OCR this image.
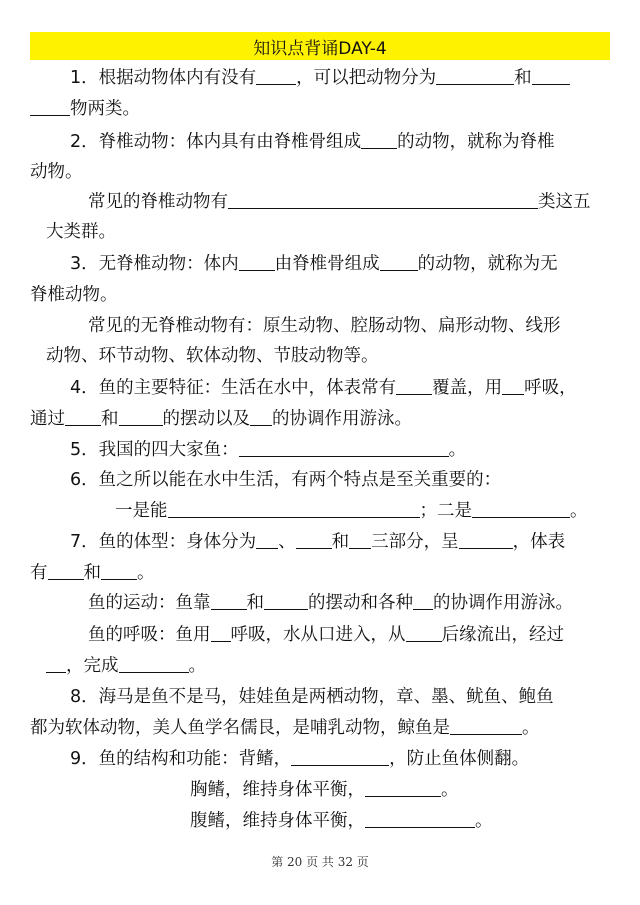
知识点背诵DAY-4
1．根据动物体内有没有 ，可以把动物分为	和
物两类。
2．脊椎动物：体内具有由脊椎骨组成 的动物，就称为脊椎
动物。
常见的脊椎动物有	类这五
大类群。
3．无脊椎动物：体内 由脊椎骨组成 的动物，就称为无
脊椎动物。
常见的无脊椎动物有：原生动物、腔肠动物、扁形动物、线形
动物、环节动物、软体动物、节肢动物等。
4．鱼的主要特征：生活在水中，体表常有 覆盖，用 呼吸，
通过 和	的摆动以及 的协调作用游泳。
5．我国的四大家鱼：	。
6．鱼之所以能在水中生活，有两个特点是至关重要的：
一是能	；二是	。
7．鱼的体型：身体分为 、 和 三部分，呈	，体表
有 和 。
鱼的运动：鱼靠 和	的摆动和各种 的协调作用游泳。
鱼的呼吸：鱼用 呼吸，水从口进入，从 后缘流出，经过
，完成	。
8．海马是鱼不是马，娃娃鱼是两栖动物，章、墨、鱿鱼、鲍鱼
都为软体动物，美人鱼学名儒艮，是哺乳动物，鲸鱼是	。
9．鱼的结构和功能：背鳍，	，防止鱼体侧翻。
胸鳍，维持身体平衡，	。
腹鳍，维持身体平衡，	。
第 20 页 共 32 页
